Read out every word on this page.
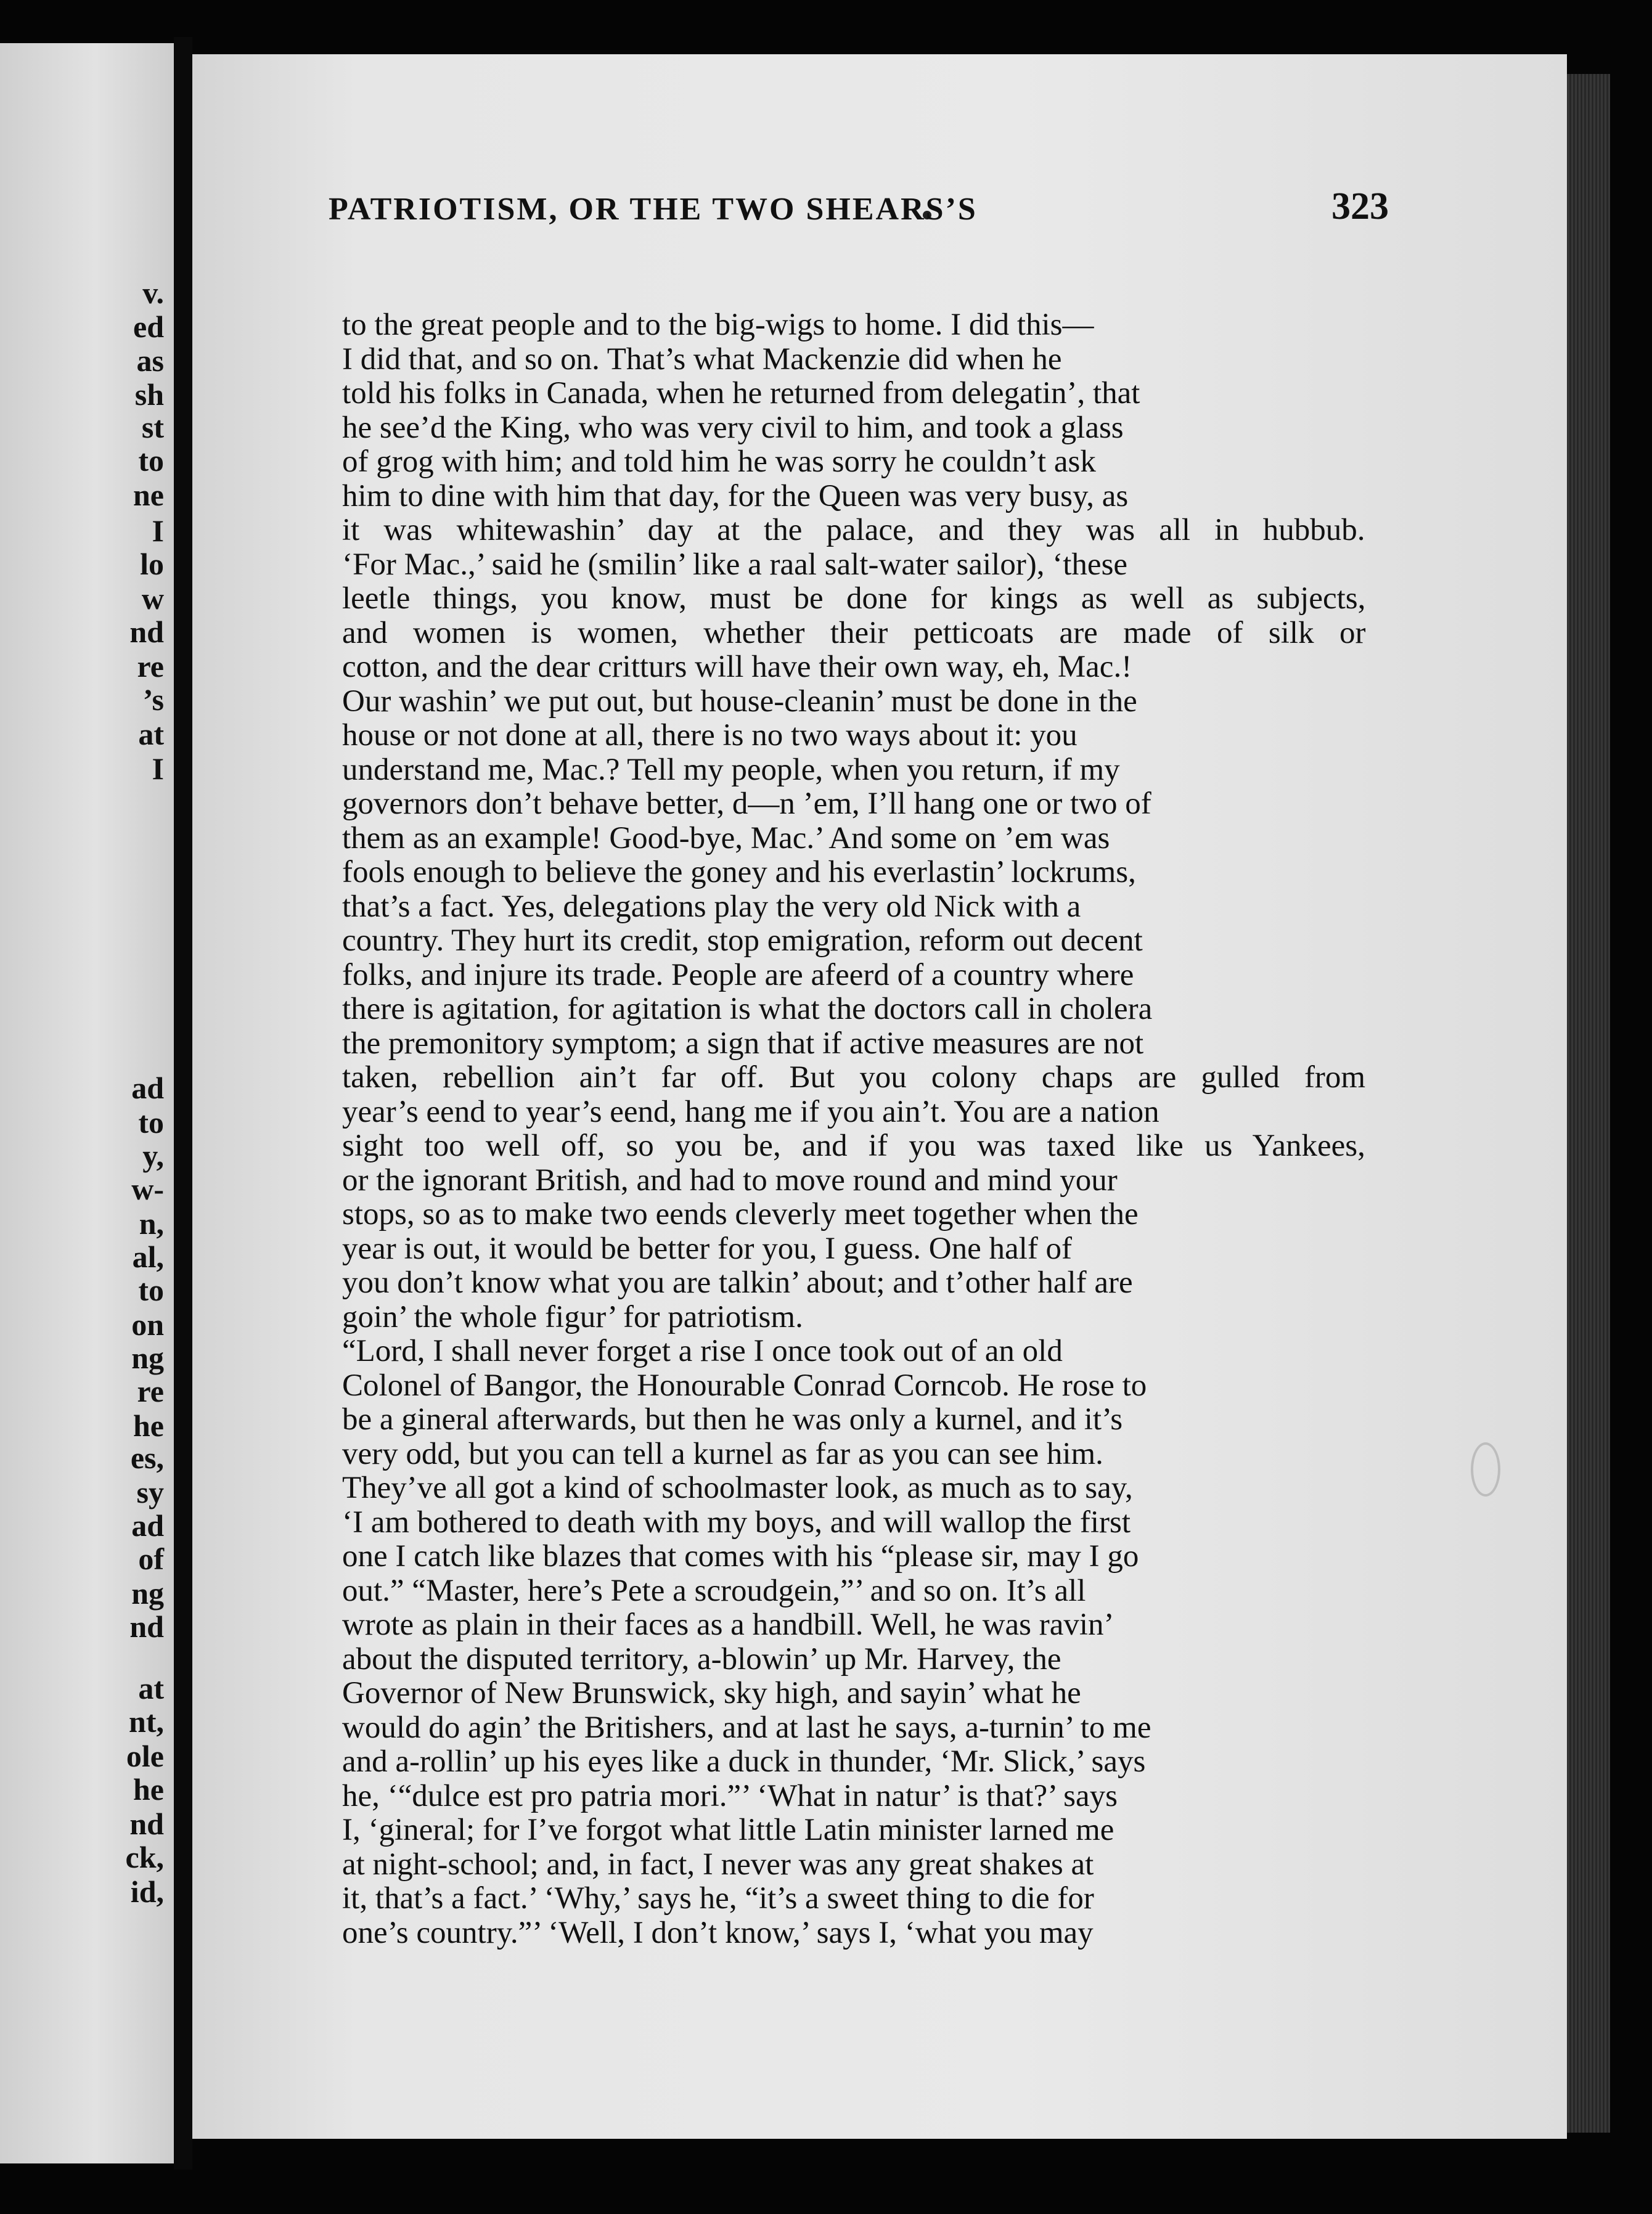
v.
ed
as
sh
st
to
ne
I
lo
w
nd
re
’s
at
I
ad
to
y,
w-
n,
al,
to
on
ng
re
he
es,
sy
ad
of
ng
nd
at
nt,
ole
he
nd
ck,
id,
PATRIOTISM, OR THE TWO SHEARS’S	323
to the great people and to the big-wigs to home. I did this—
I did that, and so on. That’s what Mackenzie did when he
told his folks in Canada, when he returned from delegatin’, that
he see’d the King, who was very civil to him, and took a glass
of grog with him; and told him he was sorry he couldn’t ask
him to dine with him that day, for the Queen was very busy, as
it was whitewashin’ day at the palace, and they was all in hubbub.
‘For Mac.,’ said he (smilin’ like a raal salt-water sailor), ‘these
leetle things, you know, must be done for kings as well as subjects,
and women is women, whether their petticoats are made of silk or
cotton, and the dear critturs will have their own way, eh, Mac.!
Our washin’ we put out, but house-cleanin’ must be done in the
house or not done at all, there is no two ways about it: you
understand me, Mac.? Tell my people, when you return, if my
governors don’t behave better, d—n ’em, I’ll hang one or two of
them as an example! Good-bye, Mac.’ And some on ’em was
fools enough to believe the goney and his everlastin’ lockrums,
that’s a fact. Yes, delegations play the very old Nick with a
country. They hurt its credit, stop emigration, reform out decent
folks, and injure its trade. People are afeerd of a country where
there is agitation, for agitation is what the doctors call in cholera
the premonitory symptom; a sign that if active measures are not
taken, rebellion ain’t far off. But you colony chaps are gulled from
year’s eend to year’s eend, hang me if you ain’t. You are a nation
sight too well off, so you be, and if you was taxed like us Yankees,
or the ignorant British, and had to move round and mind your
stops, so as to make two eends cleverly meet together when the
year is out, it would be better for you, I guess. One half of
you don’t know what you are talkin’ about; and t’other half are
goin’ the whole figur’ for patriotism.
“Lord, I shall never forget a rise I once took out of an old
Colonel of Bangor, the Honourable Conrad Corncob. He rose to
be a gineral afterwards, but then he was only a kurnel, and it’s
very odd, but you can tell a kurnel as far as you can see him.
They’ve all got a kind of schoolmaster look, as much as to say,
‘I am bothered to death with my boys, and will wallop the first
one I catch like blazes that comes with his “please sir, may I go
out.” “Master, here’s Pete a scroudgein,”’ and so on. It’s all
wrote as plain in their faces as a handbill. Well, he was ravin’
about the disputed territory, a-blowin’ up Mr. Harvey, the
Governor of New Brunswick, sky high, and sayin’ what he
would do agin’ the Britishers, and at last he says, a-turnin’ to me
and a-rollin’ up his eyes like a duck in thunder, ‘Mr. Slick,’ says
he, ‘“dulce est pro patria mori.”’ ‘What in natur’ is that?’ says
I, ‘gineral; for I’ve forgot what little Latin minister larned me
at night-school; and, in fact, I never was any great shakes at
it, that’s a fact.’ ‘Why,’ says he, “it’s a sweet thing to die for
one’s country.”’ ‘Well, I don’t know,’ says I, ‘what you may
